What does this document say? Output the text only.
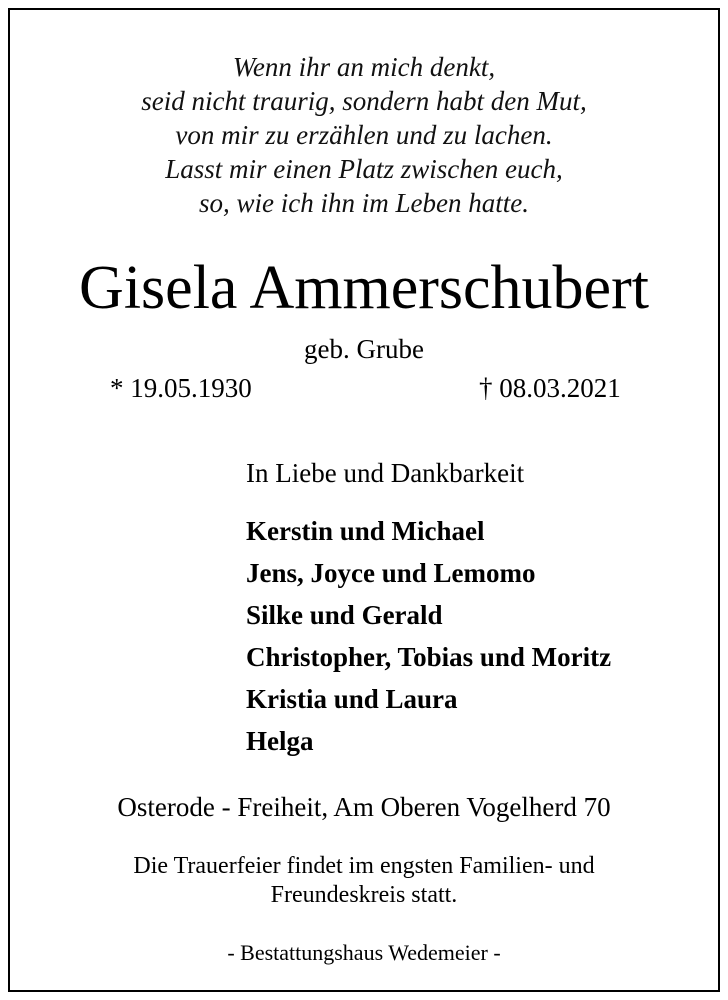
Wenn ihr an mich denkt,
seid nicht traurig, sondern habt den Mut,
von mir zu erzählen und zu lachen.
Lasst mir einen Platz zwischen euch,
so, wie ich ihn im Leben hatte.
Gisela Ammerschubert
geb. Grube
* 19.05.1930	† 08.03.2021
In Liebe und Dankbarkeit
Kerstin und Michael
Jens, Joyce und Lemomo
Silke und Gerald
Christopher, Tobias und Moritz
Kristia und Laura
Helga
Osterode - Freiheit, Am Oberen Vogelherd 70
Die Trauerfeier findet im engsten Familien- und
Freundeskreis statt.
- Bestattungshaus Wedemeier -
